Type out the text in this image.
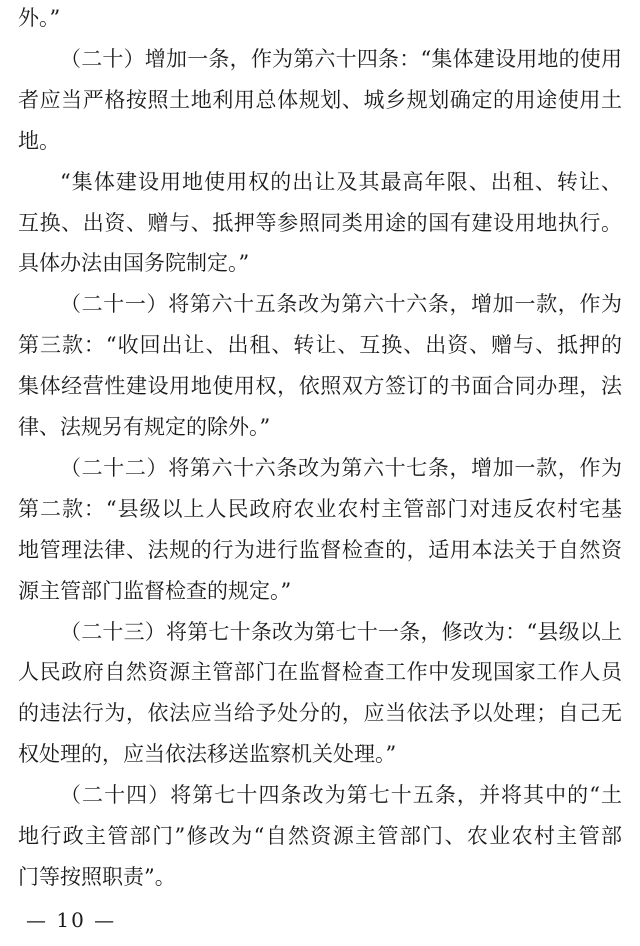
外。”
（二十）增加一条，作为第六十四条：“集体建设用地的使用
者应当严格按照土地利用总体规划、城乡规划确定的用途使用土
地。
“集体建设用地使用权的出让及其最高年限、出租、转让、
互换、出资、赠与、抵押等参照同类用途的国有建设用地执行。
具体办法由国务院制定。”
（二十一）将第六十五条改为第六十六条，增加一款，作为
第三款：“收回出让、出租、转让、互换、出资、赠与、抵押的
集体经营性建设用地使用权，依照双方签订的书面合同办理，法
律、法规另有规定的除外。”
（二十二）将第六十六条改为第六十七条，增加一款，作为
第二款：“县级以上人民政府农业农村主管部门对违反农村宅基
地管理法律、法规的行为进行监督检查的，适用本法关于自然资
源主管部门监督检查的规定。”
（二十三）将第七十条改为第七十一条，修改为：“县级以上
人民政府自然资源主管部门在监督检查工作中发现国家工作人员
的违法行为，依法应当给予处分的，应当依法予以处理；自己无
权处理的，应当依法移送监察机关处理。”
（二十四）将第七十四条改为第七十五条，并将其中的“土
地行政主管部门”修改为“自然资源主管部门、农业农村主管部
门等按照职责”。
— 10 —
